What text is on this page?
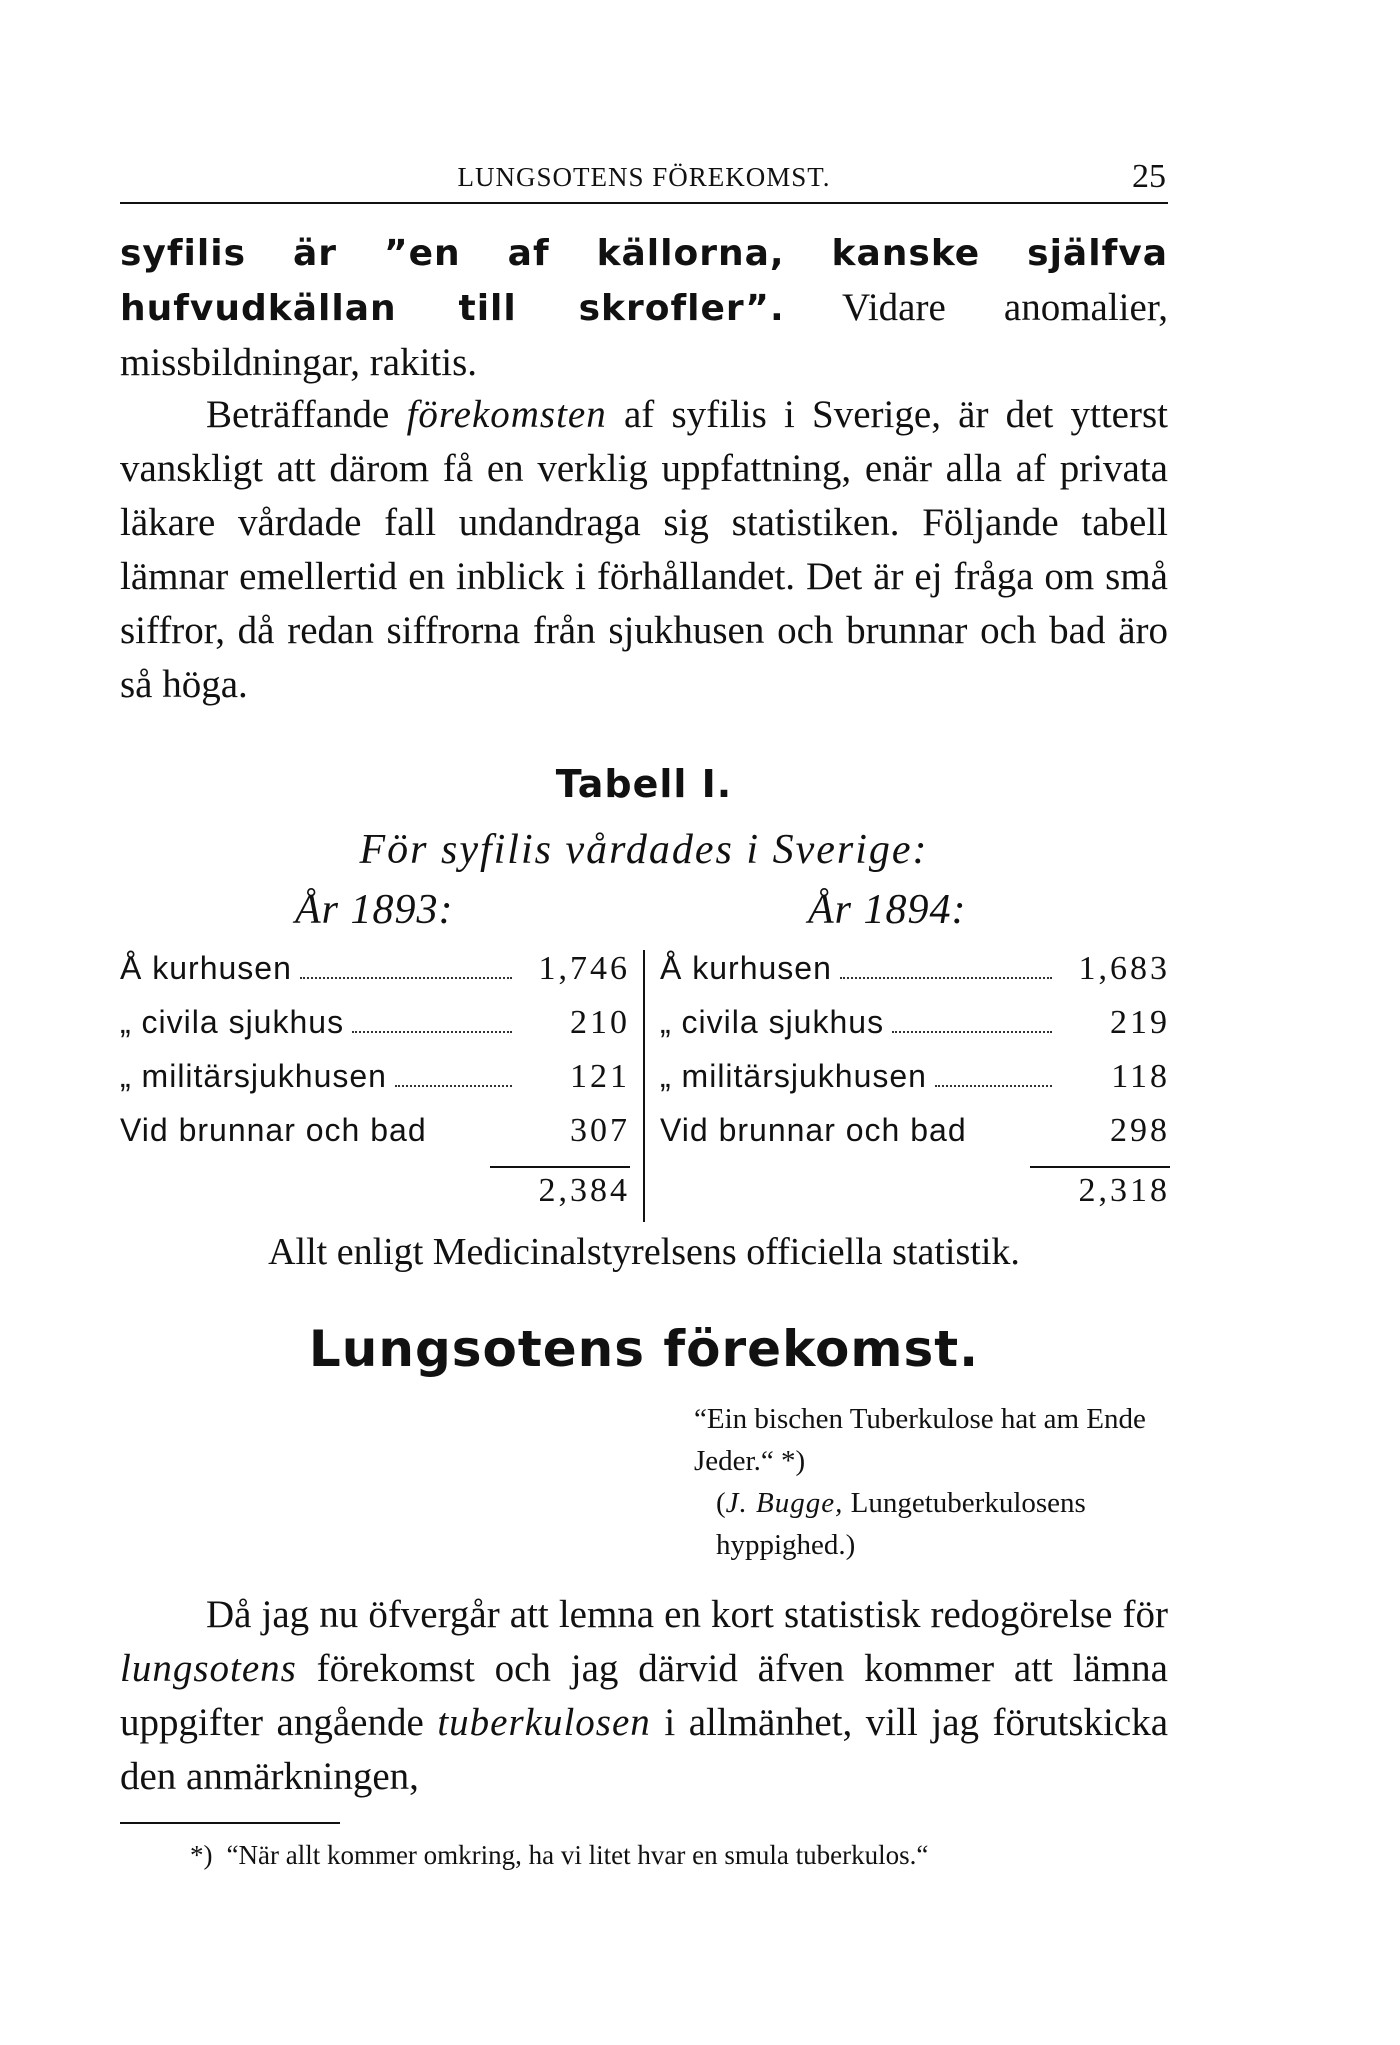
LUNGSOTENS FÖREKOMST.	25
syfilis är ”en af källorna, kanske själfva hufvudkällan till skrofler”. Vidare anomalier, missbildningar, rakitis.
Beträffande förekomsten af syfilis i Sverige, är det ytterst vanskligt att därom få en verklig uppfattning, enär alla af privata läkare vårdade fall undandraga sig statistiken. Följande tabell lämnar emellertid en inblick i förhållandet. Det är ej fråga om små siffror, då redan siffrorna från sjukhusen och brunnar och bad äro så höga.
Tabell I.
För syfilis vårdades i Sverige:
År 1893:	År 1894:
Å kurhusen	1,746
„ civila sjukhus	210
„ militärsjukhusen	121
Vid brunnar och bad	307
2,384
Å kurhusen	1,683
„ civila sjukhus	219
„ militärsjukhusen	118
Vid brunnar och bad	298
2,318
Allt enligt Medicinalstyrelsens officiella statistik.
Lungsotens förekomst.
“Ein bischen Tuberkulose hat am Ende Jeder.“ *)
(J. Bugge, Lungetuberkulosens hyppighed.)
Då jag nu öfvergår att lemna en kort statistisk redogörelse för lungsotens förekomst och jag därvid äfven kommer att lämna uppgifter angående tuberkulosen i allmänhet, vill jag förutskicka den anmärkningen,
*) “När allt kommer omkring, ha vi litet hvar en smula tuberkulos.“
